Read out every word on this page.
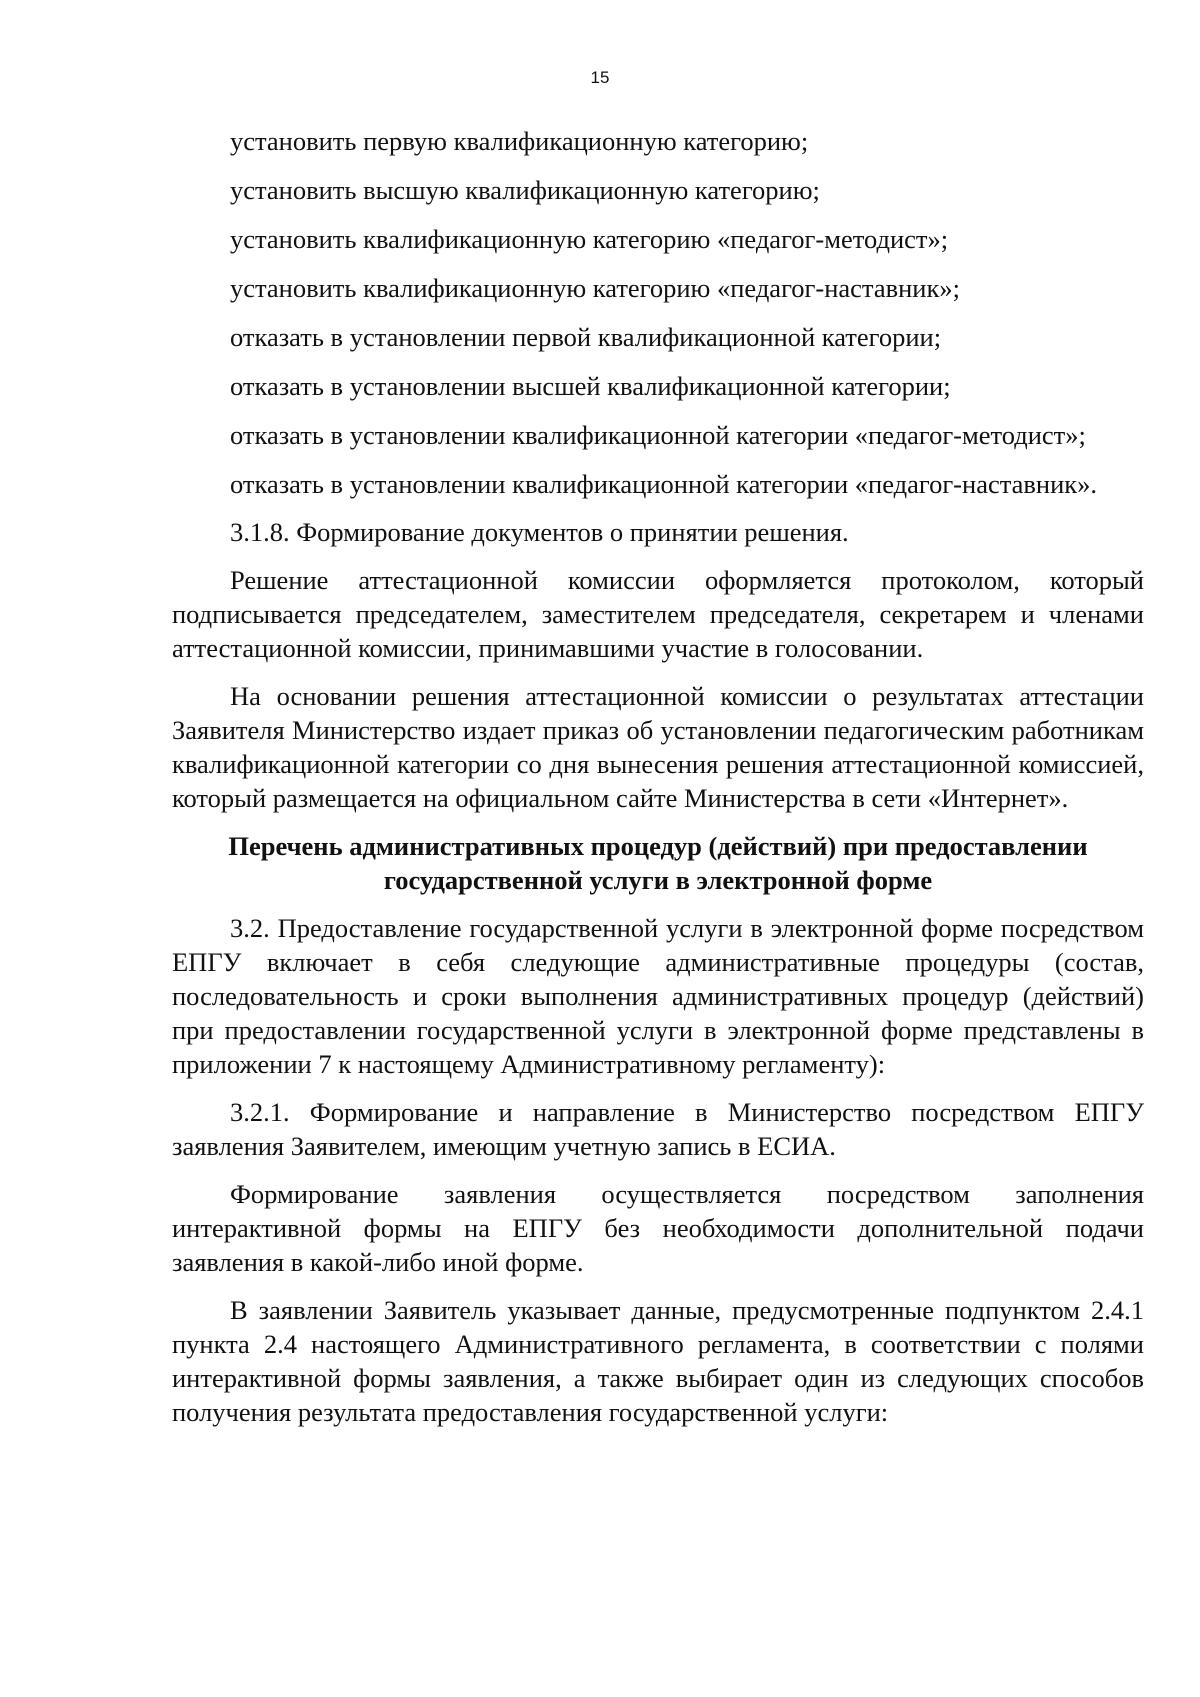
15

установить первую квалификационную категорию;

установить высшую квалификационную категорию;

установить квалификационную категорию «педагог-методист»;

установить квалификационную категорию «педагог-наставник»;

отказать в установлении первой квалификационной категории;

отказать в установлении высшей квалификационной категории;

отказать в установлении квалификационной категории «педагог-методист»;

отказать в установлении квалификационной категории «педагог-наставник».

3.1.8. Формирование документов о принятии решения.

Решение аттестационной комиссии оформляется протоколом, который подписывается председателем, заместителем председателя, секретарем и членами аттестационной комиссии, принимавшими участие в голосовании.

На основании решения аттестационной комиссии о результатах аттестации Заявителя Министерство издает приказ об установлении педагогическим работникам квалификационной категории со дня вынесения решения аттестационной комиссией, который размещается на официальном сайте Министерства в сети «Интернет».

Перечень административных процедур (действий) при предоставлении
государственной услуги в электронной форме

3.2. Предоставление государственной услуги в электронной форме посредством ЕПГУ включает в себя следующие административные процедуры (состав, последовательность и сроки выполнения административных процедур (действий) при предоставлении государственной услуги в электронной форме представлены в приложении 7 к настоящему Административному регламенту):

3.2.1. Формирование и направление в Министерство посредством ЕПГУ заявления Заявителем, имеющим учетную запись в ЕСИА.

Формирование заявления осуществляется посредством заполнения интерактивной формы на ЕПГУ без необходимости дополнительной подачи заявления в какой-либо иной форме.

В заявлении Заявитель указывает данные, предусмотренные подпунктом 2.4.1 пункта 2.4 настоящего Административного регламента, в соответствии с полями интерактивной формы заявления, а также выбирает один из следующих способов получения результата предоставления государственной услуги:
